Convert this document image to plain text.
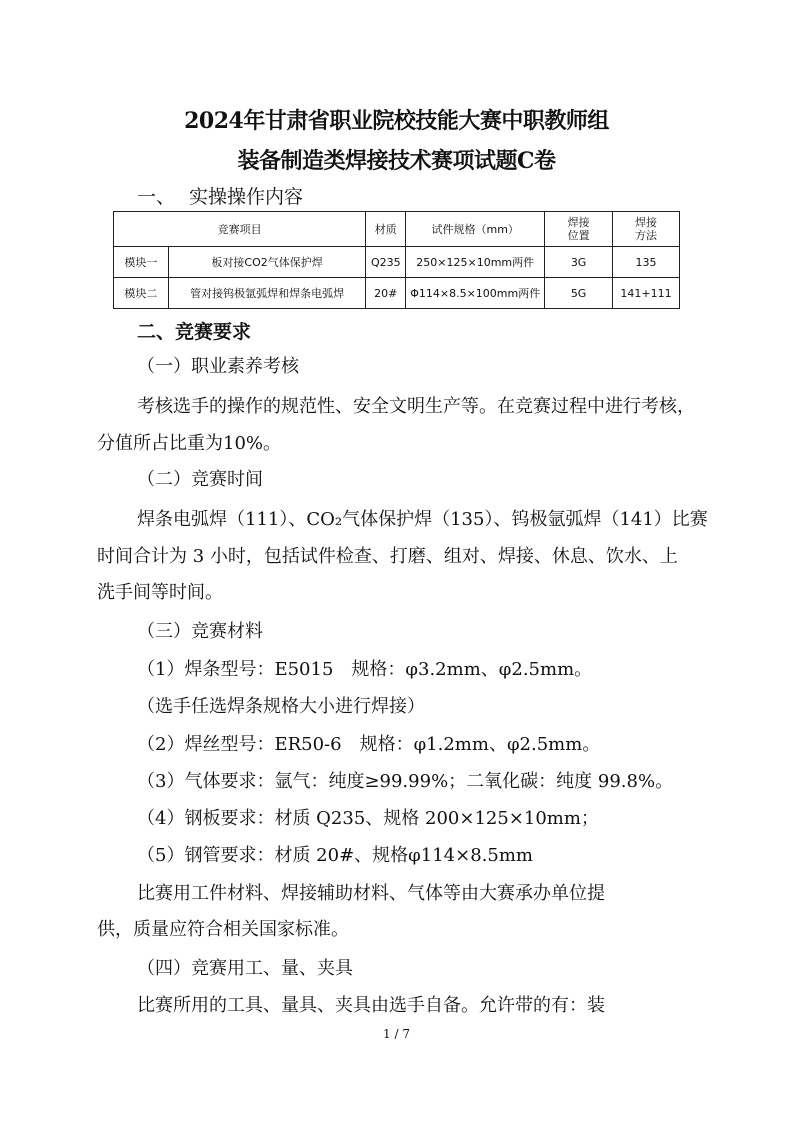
2024年甘肃省职业院校技能大赛中职教师组
装备制造类焊接技术赛项试题C卷
一、 实操操作内容
竞赛项目		材质	试件规格（mm）	焊接位置	焊接方法

模块一	板对接CO2气体保护焊	Q235	250×125×10mm两件	3G	135
模块二	管对接钨极氩弧焊和焊条电弧焊	20#	Φ114×8.5×100mm两件	5G	141+111
二、竞赛要求
（一）职业素养考核
考核选手的操作的规范性、安全文明生产等。在竞赛过程中进行考核，
分值所占比重为10%。
（二）竞赛时间
焊条电弧焊（111）、CO₂气体保护焊（135）、钨极氩弧焊（141）比赛
时间合计为 3 小时，包括试件检查、打磨、组对、焊接、休息、饮水、上
洗手间等时间。
（三）竞赛材料
（1）焊条型号：E5015　规格：φ3.2mm、φ2.5mm。
（选手任选焊条规格大小进行焊接）
（2）焊丝型号：ER50-6　规格：φ1.2mm、φ2.5mm。
（3）气体要求：氩气：纯度≥99.99%；二氧化碳：纯度 99.8%。
（4）钢板要求：材质 Q235、规格 200×125×10mm；
（5）钢管要求：材质 20#、规格φ114×8.5mm
比赛用工件材料、焊接辅助材料、气体等由大赛承办单位提
供，质量应符合相关国家标准。
（四）竞赛用工、量、夹具
比赛所用的工具、量具、夹具由选手自备。允许带的有：装
1 / 7
